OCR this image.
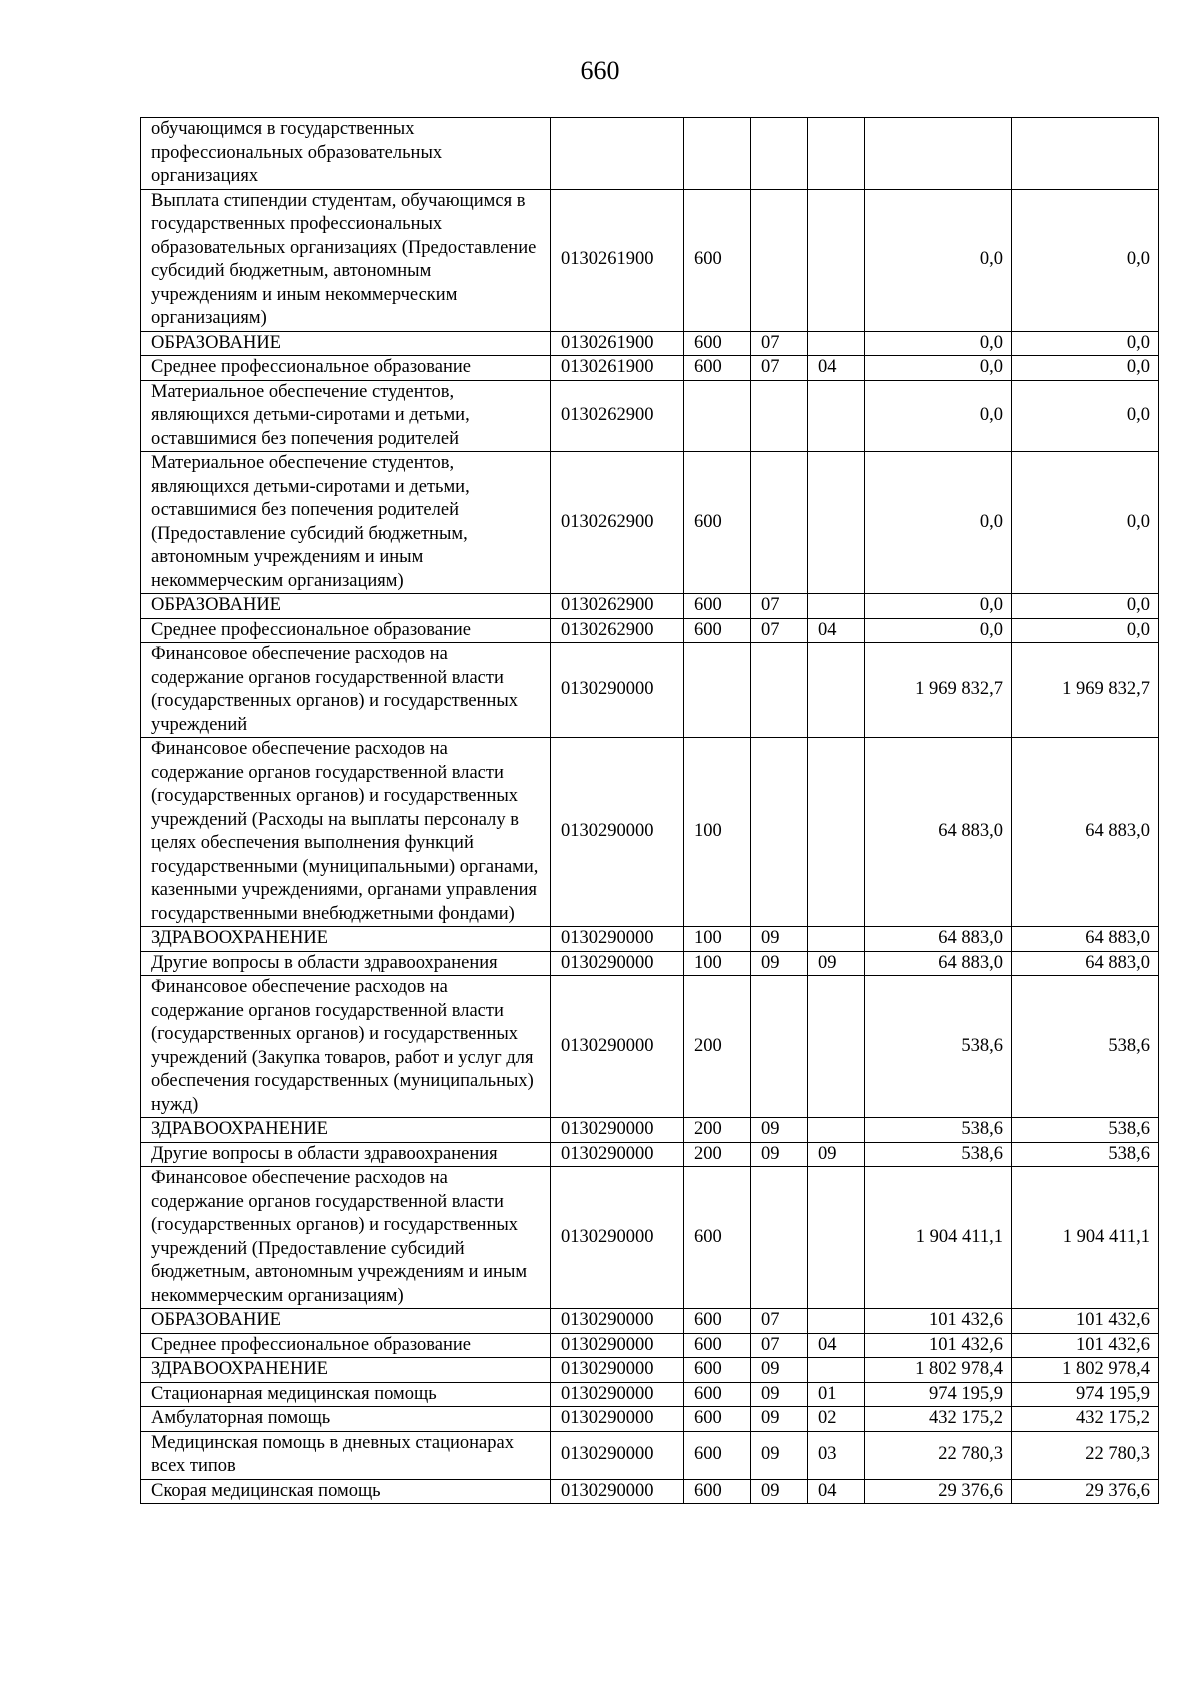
660
обучающимся в государственных профессиональных образовательных организациях						
Выплата стипендии студентам, обучающимся в государственных профессиональных образовательных организациях (Предоставление субсидий бюджетным, автономным учреждениям и иным некоммерческим организациям)	0130261900	600			0,0	0,0
ОБРАЗОВАНИЕ	0130261900	600	07		0,0	0,0
Среднее профессиональное образование	0130261900	600	07	04	0,0	0,0
Материальное обеспечение студентов, являющихся детьми-сиротами и детьми, оставшимися без попечения родителей	0130262900				0,0	0,0
Материальное обеспечение студентов, являющихся детьми-сиротами и детьми, оставшимися без попечения родителей (Предоставление субсидий бюджетным, автономным учреждениям и иным некоммерческим организациям)	0130262900	600			0,0	0,0
ОБРАЗОВАНИЕ	0130262900	600	07		0,0	0,0
Среднее профессиональное образование	0130262900	600	07	04	0,0	0,0
Финансовое обеспечение расходов на содержание органов государственной власти (государственных органов) и государственных учреждений	0130290000				1 969 832,7	1 969 832,7
Финансовое обеспечение расходов на содержание органов государственной власти (государственных органов) и государственных учреждений (Расходы на выплаты персоналу в целях обеспечения выполнения функций государственными (муниципальными) органами, казенными учреждениями, органами управления государственными внебюджетными фондами)	0130290000	100			64 883,0	64 883,0
ЗДРАВООХРАНЕНИЕ	0130290000	100	09		64 883,0	64 883,0
Другие вопросы в области здравоохранения	0130290000	100	09	09	64 883,0	64 883,0
Финансовое обеспечение расходов на содержание органов государственной власти (государственных органов) и государственных учреждений (Закупка товаров, работ и услуг для обеспечения государственных (муниципальных) нужд)	0130290000	200			538,6	538,6
ЗДРАВООХРАНЕНИЕ	0130290000	200	09		538,6	538,6
Другие вопросы в области здравоохранения	0130290000	200	09	09	538,6	538,6
Финансовое обеспечение расходов на содержание органов государственной власти (государственных органов) и государственных учреждений (Предоставление субсидий бюджетным, автономным учреждениям и иным некоммерческим организациям)	0130290000	600			1 904 411,1	1 904 411,1
ОБРАЗОВАНИЕ	0130290000	600	07		101 432,6	101 432,6
Среднее профессиональное образование	0130290000	600	07	04	101 432,6	101 432,6
ЗДРАВООХРАНЕНИЕ	0130290000	600	09		1 802 978,4	1 802 978,4
Стационарная медицинская помощь	0130290000	600	09	01	974 195,9	974 195,9
Амбулаторная помощь	0130290000	600	09	02	432 175,2	432 175,2
Медицинская помощь в дневных стационарах всех типов	0130290000	600	09	03	22 780,3	22 780,3
Скорая медицинская помощь	0130290000	600	09	04	29 376,6	29 376,6
